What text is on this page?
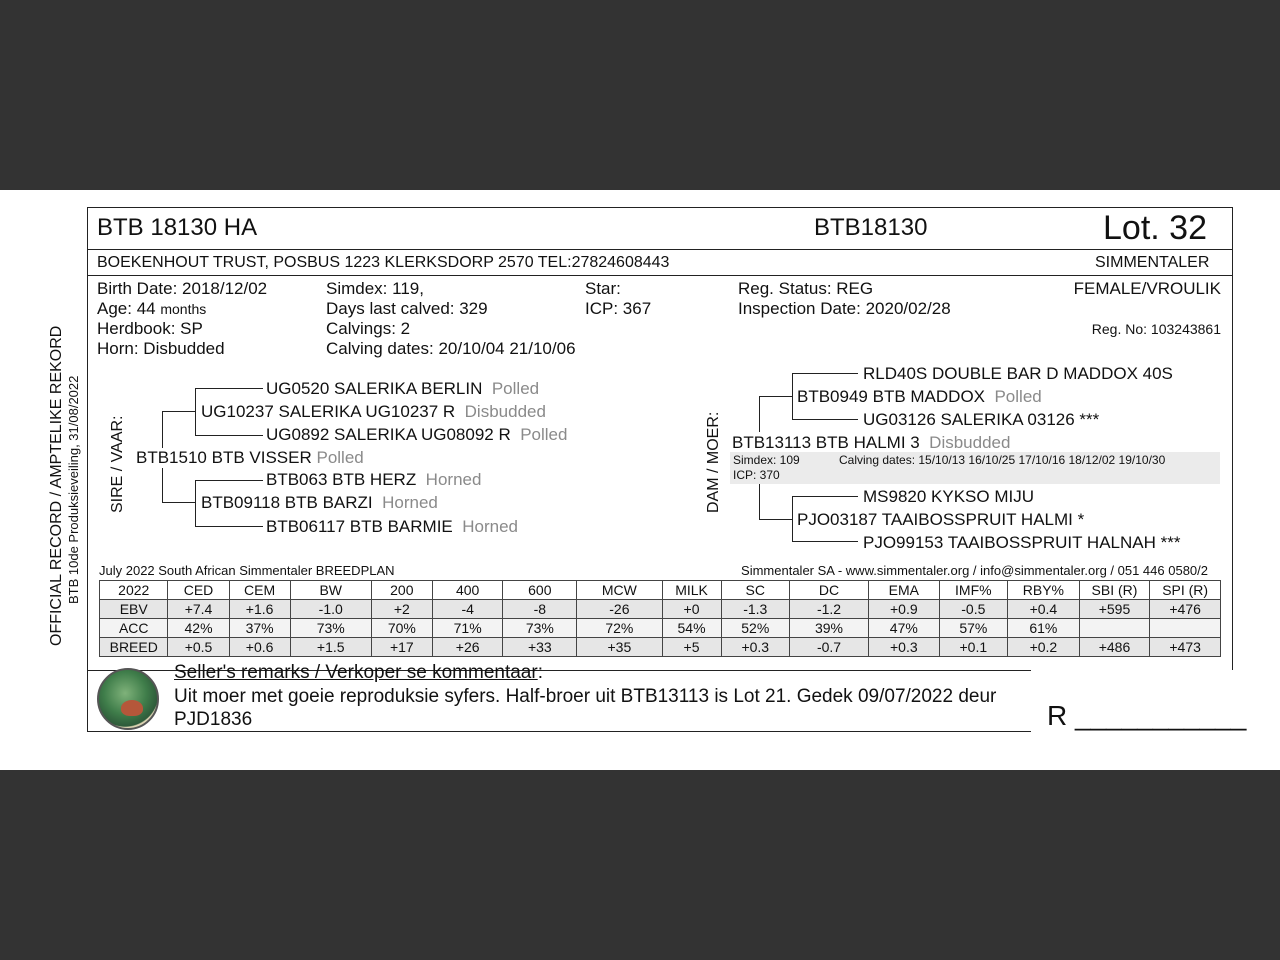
OFFICIAL RECORD / AMPTELIKE REKORD BTB 10de Produksieveiling, 31/08/2022
BTB 18130 HA	BTB18130	Lot. 32
BOEKENHOUT TRUST, POSBUS 1223 KLERKSDORP 2570 TEL:27824608443	SIMMENTALER
Birth Date: 2018/12/02
Age: 44 months
Herdbook: SP
Horn: Disbudded
Simdex: 119,
Days last calved: 329
Calvings: 2
Calving dates: 20/10/04 21/10/06
Star:
ICP: 367
Reg. Status: REG
Inspection Date: 2020/02/28
FEMALE/VROULIK
Reg. No: 103243861
SIRE / VAAR:
UG0520 SALERIKA BERLIN Polled
UG10237 SALERIKA UG10237 R Disbudded
UG0892 SALERIKA UG08092 R Polled
BTB1510 BTB VISSER Polled
BTB063 BTB HERZ Horned
BTB09118 BTB BARZI Horned
BTB06117 BTB BARMIE Horned
DAM / MOER:
RLD40S DOUBLE BAR D MADDOX 40S
BTB0949 BTB MADDOX Polled
UG03126 SALERIKA 03126 ***
BTB13113 BTB HALMI 3 Disbudded
Simdex: 109	Calving dates: 15/10/13 16/10/25 17/10/16 18/12/02 19/10/30
ICP: 370
MS9820 KYKSO MIJU
PJO03187 TAAIBOSSPRUIT HALMI *
PJO99153 TAAIBOSSPRUIT HALNAH ***
July 2022 South African Simmentaler BREEDPLAN	Simmentaler SA - www.simmentaler.org / info@simmentaler.org / 051 446 0580/2
2022	CED	CEM	BW	200	400	600	MCW	MILK	SC	DC	EMA	IMF%	RBY%	SBI (R)	SPI (R)
EBV	+7.4	+1.6	-1.0	+2	-4	-8	-26	+0	-1.3	-1.2	+0.9	-0.5	+0.4	+595	+476
ACC	42%	37%	73%	70%	71%	73%	72%	54%	52%	39%	47%	57%	61%		
BREED	+0.5	+0.6	+1.5	+17	+26	+33	+35	+5	+0.3	-0.7	+0.3	+0.1	+0.2	+486	+473
Seller's remarks / Verkoper se kommentaar:
Uit moer met goeie reproduksie syfers. Half-broer uit BTB13113 is Lot 21. Gedek 09/07/2022 deur
PJD1836	R ___________
